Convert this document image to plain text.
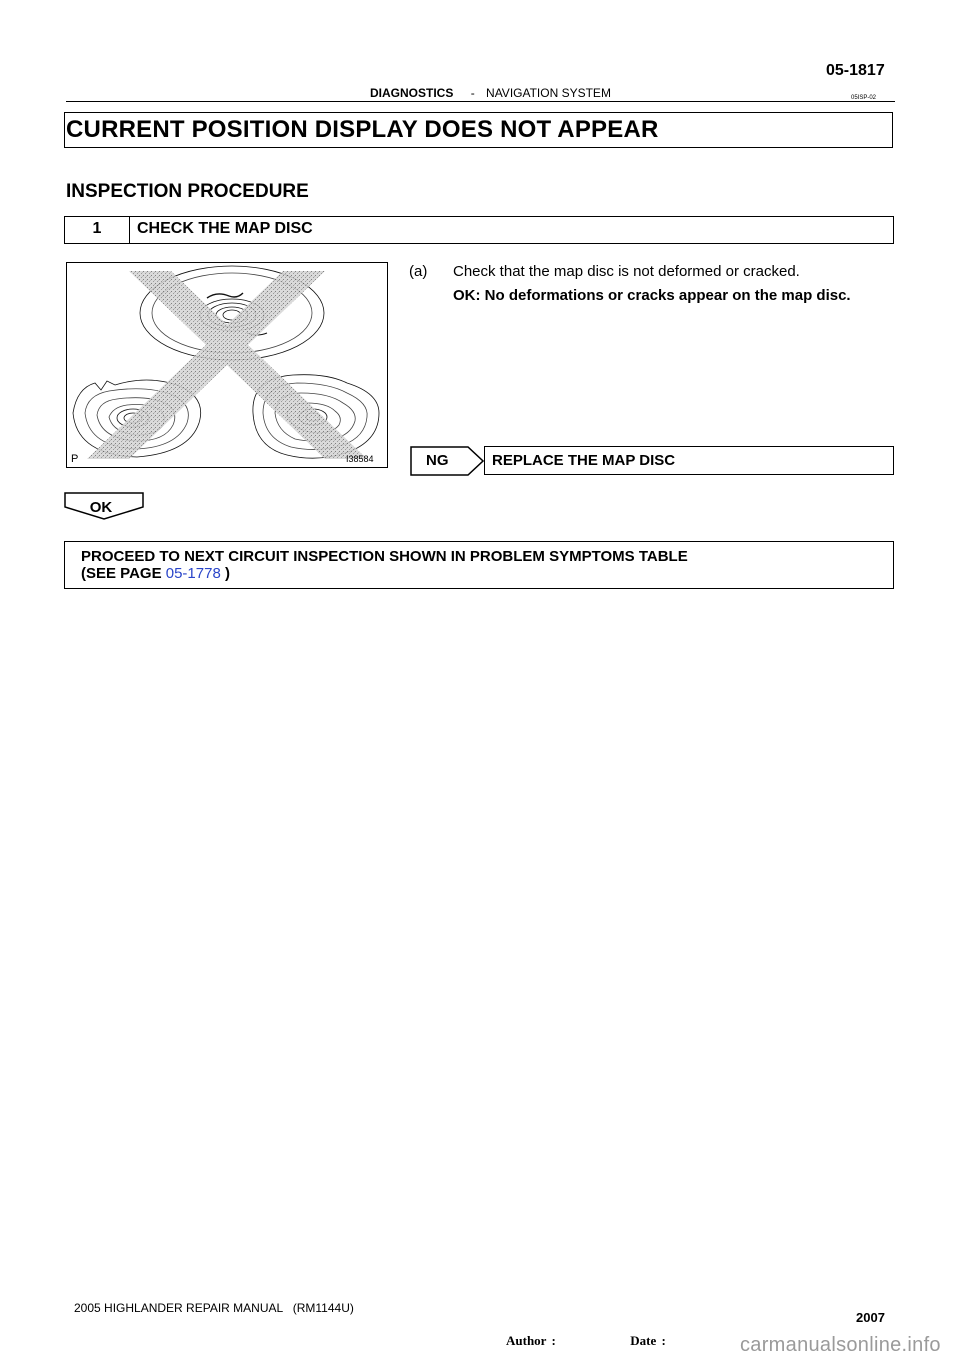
05-1817
DIAGNOSTICS - NAVIGATION SYSTEM	05ISP-02
CURRENT POSITION DISPLAY DOES NOT APPEAR
INSPECTION PROCEDURE
1	CHECK THE MAP DISC
P	I38584
(a) Check that the map disc is not deformed or cracked.
OK: No deformations or cracks appear on the map disc.
NG	REPLACE THE MAP DISC
OK
PROCEED TO NEXT CIRCUIT INSPECTION SHOWN IN PROBLEM SYMPTOMS TABLE
(SEE PAGE 05-1778 )
2005 HIGHLANDER REPAIR MANUAL   (RM1144U)
2007
Author :	Date :	carmanualsonline.info
